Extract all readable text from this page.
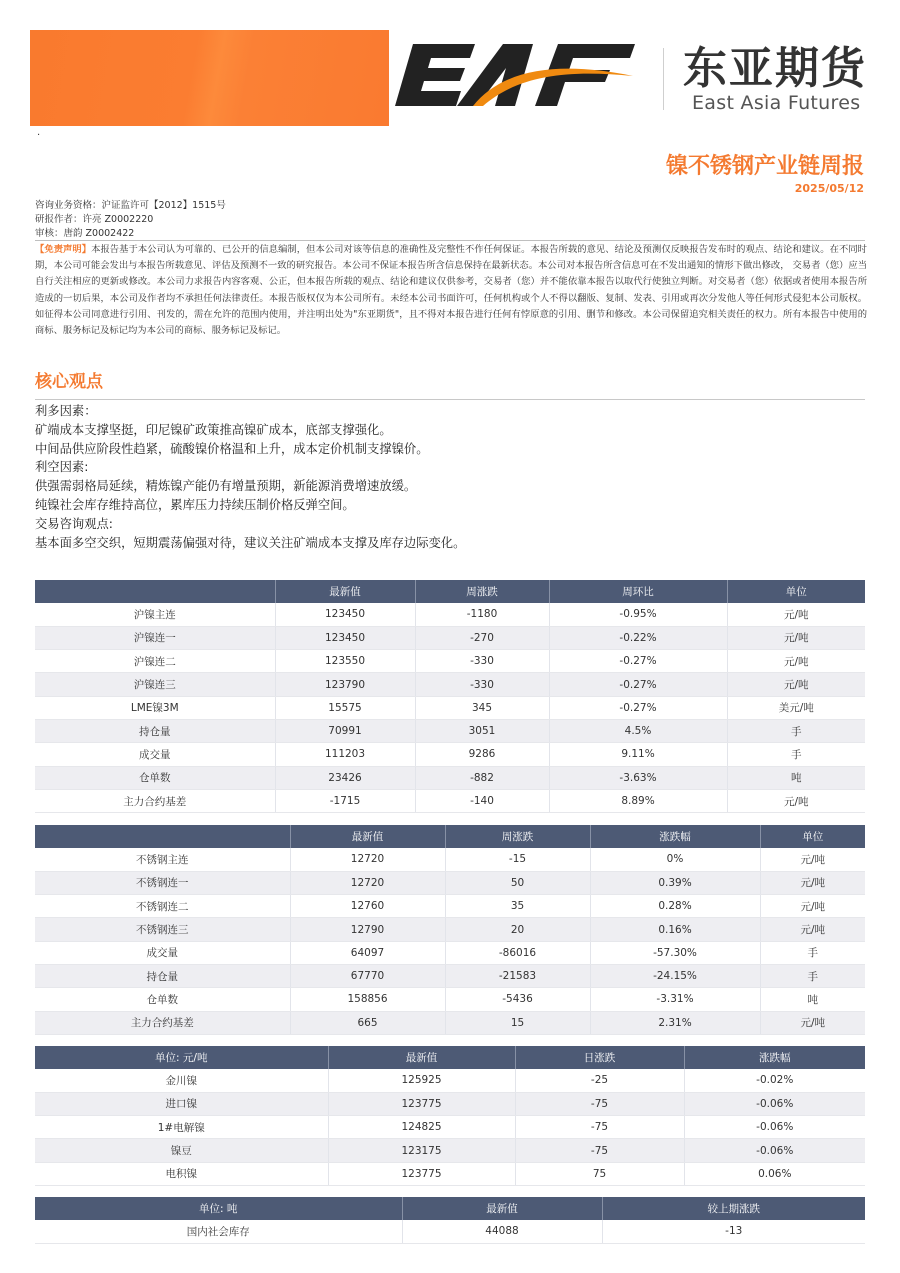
东亚期货
East Asia Futures
·
镍不锈钢产业链周报
2025/05/12
咨询业务资格：沪证监许可【2012】1515号
研报作者：许亮 Z0002220
审核：唐韵 Z0002422
【免责声明】本报告基于本公司认为可靠的、已公开的信息编制，但本公司对该等信息的准确性及完整性不作任何保证。本报告所载的意见、结论及预测仅反映报告发布时的观点、结论和建议。在不同时期，本公司可能会发出与本报告所载意见、评估及预测不一致的研究报告。本公司不保证本报告所含信息保持在最新状态。本公司对本报告所含信息可在不发出通知的情形下做出修改， 交易者（您）应当自行关注相应的更新或修改。本公司力求报告内容客观、公正，但本报告所载的观点、结论和建议仅供参考，交易者（您）并不能依靠本报告以取代行使独立判断。对交易者（您）依据或者使用本报告所造成的一切后果，本公司及作者均不承担任何法律责任。本报告版权仅为本公司所有。未经本公司书面许可，任何机构或个人不得以翻版、复制、发表、引用或再次分发他人等任何形式侵犯本公司版权。如征得本公司同意进行引用、刊发的，需在允许的范围内使用，并注明出处为"东亚期货"，且不得对本报告进行任何有悖原意的引用、删节和修改。本公司保留追究相关责任的权力。所有本报告中使用的商标、服务标记及标记均为本公司的商标、服务标记及标记。
核心观点
利多因素：
矿端成本支撑坚挺，印尼镍矿政策推高镍矿成本，底部支撑强化。
中间品供应阶段性趋紧，硫酸镍价格温和上升，成本定价机制支撑镍价。
利空因素:
供强需弱格局延续，精炼镍产能仍有增量预期，新能源消费增速放缓。
纯镍社会库存维持高位，累库压力持续压制价格反弹空间。
交易咨询观点:
基本面多空交织，短期震荡偏强对待，建议关注矿端成本支撑及库存边际变化。
	最新值	周涨跌	周环比	单位
沪镍主连	123450	-1180	-0.95%	元/吨
沪镍连一	123450	-270	-0.22%	元/吨
沪镍连二	123550	-330	-0.27%	元/吨
沪镍连三	123790	-330	-0.27%	元/吨
LME镍3M	15575	345	-0.27%	美元/吨
持仓量	70991	3051	4.5%	手
成交量	111203	9286	9.11%	手
仓单数	23426	-882	-3.63%	吨
主力合约基差	-1715	-140	8.89%	元/吨
	最新值	周涨跌	涨跌幅	单位
不锈钢主连	12720	-15	0%	元/吨
不锈钢连一	12720	50	0.39%	元/吨
不锈钢连二	12760	35	0.28%	元/吨
不锈钢连三	12790	20	0.16%	元/吨
成交量	64097	-86016	-57.30%	手
持仓量	67770	-21583	-24.15%	手
仓单数	158856	-5436	-3.31%	吨
主力合约基差	665	15	2.31%	元/吨
单位: 元/吨	最新值	日涨跌	涨跌幅
金川镍	125925	-25	-0.02%
进口镍	123775	-75	-0.06%
1#电解镍	124825	-75	-0.06%
镍豆	123175	-75	-0.06%
电积镍	123775	75	0.06%
单位: 吨	最新值	较上期涨跌
国内社会库存	44088	-13
